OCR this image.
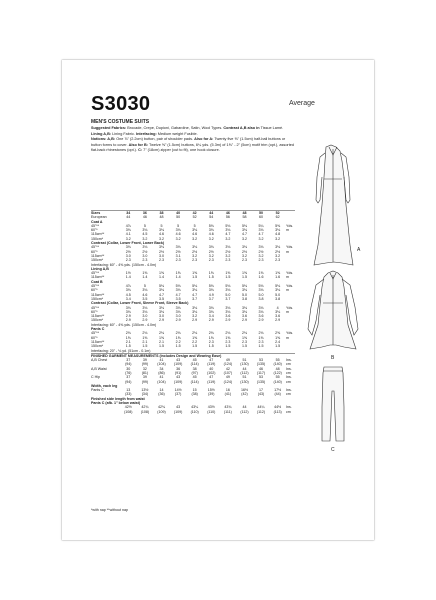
S3030	Average
MEN'S COSTUME SUITS

Suggested Fabrics: Brocade, Crepe, Dupioni, Gabardine, Satin, Wool Types. Contrast A,B also in Tissue Lamé. Lining A,B: Lining Fabric. Interfacing: Medium weight Fusible.

Notions: A,B: One ⅞" (2.2cm) button, pair of shoulder pads. Also for A: Twenty five ⅝" (1.5cm) half-ball buttons or button forms to cover. Also for B: Twelve ⅝" (1.5cm) buttons, 6¼ yds. (5.3m) of 1⅝" - 2" (5cm) motif trim (opt.), assorted flat-back rhinestones (opt.). C: 7" (18cm) zipper (cut to fit), one hook closure.

Sizes	34	36	38	40	42	44	46	48	50	52	
European	44	46	48	50	52	54	56	58	60	62	
Coat A											
45"**	4⅞	5	5	5	5	5⅛	5⅛	5⅛	5¼	5⅜	Yds.
60"*	3⅛	3⅛	3⅛	3⅛	3⅛	3⅛	3⅛	3⅛	3⅛	3⅛	m
115cm**	4.1	4.5	4.6	4.6	4.6	4.6	4.7	4.7	4.7	4.8	
150cm*	3.2	3.2	3.2	3.2	3.2	3.2	3.2	3.2	3.2	3.2	
Contrast (Collar, Lower Front, Lower Back)											
45"**	3⅛	3⅛	3⅛	3⅛	3⅛	3⅛	3⅛	3⅛	3⅛	3⅛	Yds.
60"*	2½	2½	2½	2½	2½	2½	2½	2½	2½	2½	m
115cm**	3.0	3.0	3.0	3.1	3.2	3.2	3.2	3.2	3.2	3.2	
150cm*	2.3	2.3	2.3	2.3	2.3	2.3	2.3	2.3	2.3	2.3	
Interfacing: 60" - 4⅜ yds. (150cm - 4.0m)											
Lining A,B											
45"**	1½	1⅝	1⅝	1⅝	1⅝	1⅝	1⅝	1⅝	1⅝	1⅝	Yds.
115cm**	1.4	1.4	1.4	1.4	1.5	1.5	1.5	1.5	1.6	1.6	m
Coat B											
45"**	4⅞	5	5⅛	5⅛	5⅛	5⅛	5⅛	5⅛	5⅛	5⅛	Yds.
60"*	3⅛	3⅛	3⅛	3⅛	3⅛	3⅛	3⅛	3⅛	3⅛	3⅛	m
115cm**	4.5	4.6	4.7	4.7	4.7	4.9	5.0	5.0	5.0	5.0	
150cm*	3.4	3.5	3.5	3.5	3.7	3.7	3.7	3.8	3.8	3.8	
Contrast (Collar, Lower Front, Sleeve Front, Sleeve Back)											
45"**	3⅛	3⅛	3⅛	3⅛	3⅛	3⅛	3⅛	3⅛	3⅛	4	Yds.
60"*	3⅛	3⅛	3⅛	3⅛	3⅛	3⅛	3⅛	3⅛	3⅛	3⅛	m
115cm**	2.9	3.0	3.0	3.0	3.2	3.4	3.6	3.6	3.6	3.6	
150cm*	2.9	2.9	2.9	2.9	2.9	2.9	2.9	2.9	2.9	2.9	
Interfacing: 60" - 4⅜ yds. (150cm - 4.0m)											
Pants C											
45"**	2⅛	2⅛	2⅛	2⅛	2⅛	2⅛	2⅛	2⅛	2⅛	2⅝	Yds.
60"*	1⅝	1⅝	1⅝	1⅝	1⅝	1⅝	1⅝	1⅝	1⅝	1⅝	m
115cm**	2.1	2.1	2.1	2.2	2.2	2.3	2.3	2.3	2.3	2.4	
150cm*	1.5	1.5	1.5	1.5	1.5	1.5	1.5	1.5	1.5	1.5	
Interfacing: 20" - ⅛ yd. (51cm - 0.1m)											
FINISHED GARMENT MEASUREMENTS (includes Design and Wearing Ease)											
A,B Chest	37	39	41	43	45	47	49	51	53	55	Ins.
	(94)	(99)	(104)	(109)	(114)	(119)	(124)	(130)	(135)	(140)	cm
A,B Waist	30	32	34	36	38	40	42	44	46	48	Ins.
	(76)	(81)	(86)	(91)	(97)	(102)	(107)	(112)	(117)	(122)	cm
C Hip	37	39	41	43	45	47	49	51	53	55	Ins.
	(94)	(99)	(104)	(109)	(114)	(119)	(124)	(130)	(135)	(140)	cm
Width, each leg											
Pants C	13	13½	14	14½	15	15½	16	16½	17	17½	Ins.
	(33)	(34)	(36)	(37)	(38)	(39)	(41)	(42)	(43)	(44)	cm
Finished side length from waist											
Pants C (afb. 1" below waist)											
	42½	42¾	42¾	43	43¼	43½	43¾	44	44¼	44½	Ins.
	(108)	(108)	(109)	(109)	(110)	(110)	(111)	(112)	(112)	(113)	cm
*with nap **without nap
A
B
C
